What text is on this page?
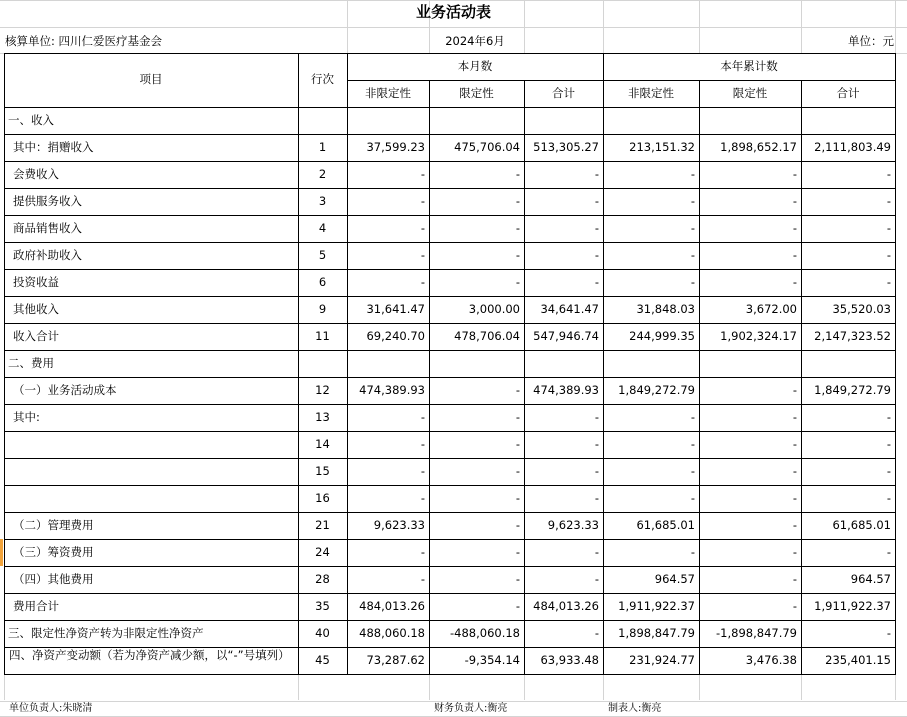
业务活动表
核算单位: 四川仁爱医疗基金会	2024年6月	单位：元
项目	行次
本月数	本年累计数
非限定性	限定性	合计	非限定性	限定性	合计
一、收入
其中：捐赠收入	1	37,599.23	475,706.04	513,305.27	213,151.32	1,898,652.17	2,111,803.49
会费收入	2	-	-	-	-	-	-
提供服务收入	3	-	-	-	-	-	-
商品销售收入	4	-	-	-	-	-	-
政府补助收入	5	-	-	-	-	-	-
投资收益	6	-	-	-	-	-	-
其他收入	9	31,641.47	3,000.00	34,641.47	31,848.03	3,672.00	35,520.03
收入合计	11	69,240.70	478,706.04	547,946.74	244,999.35	1,902,324.17	2,147,323.52
二、费用
（一）业务活动成本	12	474,389.93	-	474,389.93	1,849,272.79	-	1,849,272.79
其中:	13	-	-	-	-	-	-
14	-	-	-	-	-	-
15	-	-	-	-	-	-
16	-	-	-	-	-	-
（二）管理费用	21	9,623.33	-	9,623.33	61,685.01	-	61,685.01
（三）筹资费用	24	-	-	-	-	-	-
（四）其他费用	28	-	-	-	964.57	-	964.57
费用合计	35	484,013.26	-	484,013.26	1,911,922.37	-	1,911,922.37
三、限定性净资产转为非限定性净资产	40	488,060.18	-488,060.18	-	1,898,847.79	-1,898,847.79	-
四、净资产变动额（若为净资产减少额，以“-”号填列）	45	73,287.62	-9,354.14	63,933.48	231,924.77	3,476.38	235,401.15
单位负责人:朱晓清	财务负责人:衡亮	制表人:衡亮
